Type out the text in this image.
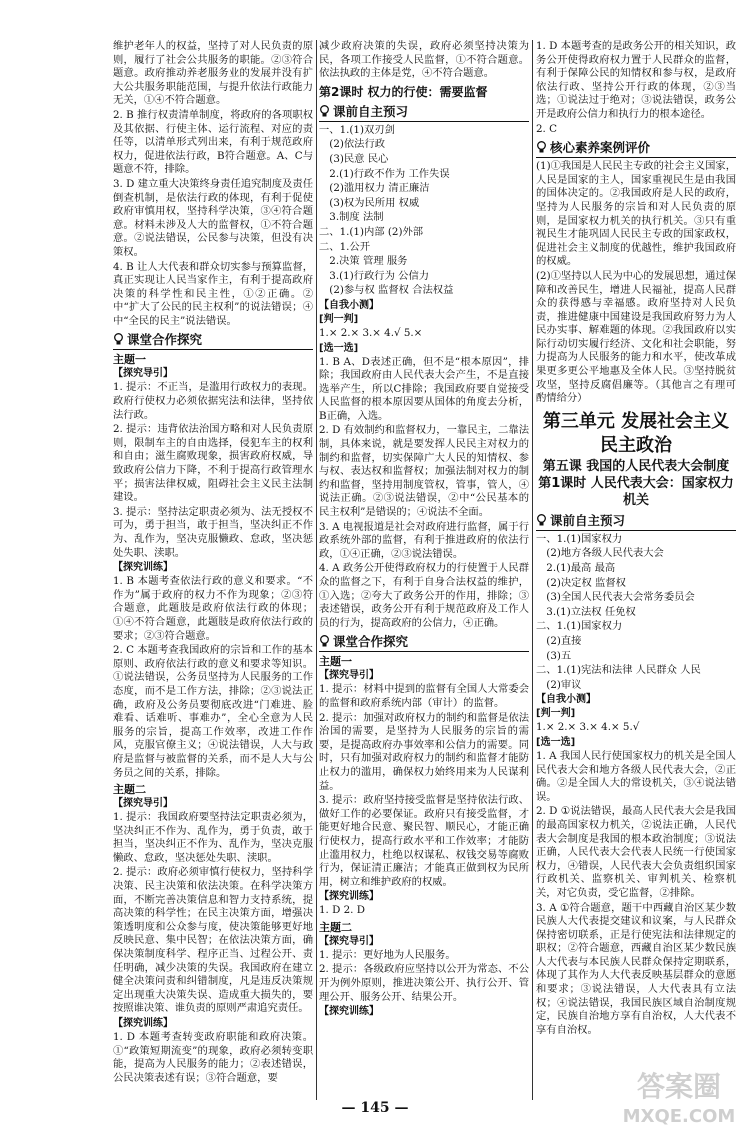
维护老年人的权益，坚持了对人民负责的原则，履行了社会公共服务的职能。②③符合题意。政府推动养老服务业的发展并没有扩大公共服务职能范围，与提升依法行政能力无关，①④不符合题意。

2. B 推行权责清单制度，将政府的各项职权及其依据、行使主体、运行流程、对应的责任等，以清单形式列出来，有利于规范政府权力，促进依法行政，B符合题意。A、C与题意不符，排除。

3. D 建立重大决策终身责任追究制度及责任倒查机制，是依法行政的体现，有利于促使政府审慎用权，坚持科学决策，③④符合题意。材料未涉及人大的监督权，①不符合题意。②说法错误，公民参与决策，但没有决策权。

4. B 让人大代表和群众切实参与预算监督，真正实现让人民当家作主，有利于提高政府决策的科学性和民主性，①②正确。②中“扩大了公民的民主权利”的说法错误；④中“全民的民主”说法错误。

课堂合作探究
主题一
【探究导引】

1. 提示：不正当，是滥用行政权力的表现。政府行使权力必须依据宪法和法律，坚持依法行政。

2. 提示：违背依法治国方略和对人民负责原则，限制车主的自由选择，侵犯车主的权利和自由；滋生腐败现象，损害政府权威，导致政府公信力下降，不利于提高行政管理水平；损害法律权威，阻碍社会主义民主法制建设。

3. 提示：坚持法定职责必须为、法无授权不可为，勇于担当，敢于担当，坚决纠正不作为、乱作为，坚决克服懒政、怠政，坚决惩处失职、渎职。

【探究训练】

1. B 本题考查依法行政的意义和要求。“不作为”属于政府的权力不作为现象；②③符合题意，此题肢是政府依法行政的体现；①④不符合题意，此题肢是政府依法行政的要求；②③符合题意。

2. C 本题考查我国政府的宗旨和工作的基本原则、政府依法行政的意义和要求等知识。①说法错误，公务员坚持为人民服务的工作态度，而不是工作方法，排除；②③说法正确，政府及公务员要彻底改进“门难进、脸难看、话难听、事难办”，全心全意为人民服务的宗旨，提高工作效率，改进工作作风，克服官僚主义；④说法错误，人大与政府是监督与被监督的关系，而不是人大与公务员之间的关系，排除。

主题二
【探究导引】

1. 提示：我国政府要坚持法定职责必须为，坚决纠正不作为、乱作为，勇于负责，敢于担当，坚决纠正不作为、乱作为，坚决克服懒政、怠政，坚决惩处失职、渎职。

2. 提示：政府必须审慎行使权力，坚持科学决策、民主决策和依法决策。在科学决策方面，不断完善决策信息和智力支持系统，提高决策的科学性；在民主决策方面，增强决策透明度和公众参与度，使决策能够更好地反映民意、集中民智；在依法决策方面，确保决策制度科学、程序正当、过程公开、责任明确，减少决策的失误。我国政府在建立健全决策问责和纠错制度，凡是违反决策规定出现重大决策失误、造成重大损失的，要按照谁决策、谁负责的原则严肃追究责任。

【探究训练】

1. D 本题考查转变政府职能和政府决策。①“政策短期流变”的现象，政府必须转变职能，提高为人民服务的能力；②表述错误，公民决策表述有误；③符合题意，要

减少政府决策的失误，政府必须坚持决策为民，各项工作接受人民监督，①不符合题意。依法执政的主体是党，④不符合题意。

第2课时 权力的行使：需要监督
课前自主预习

一、1.(1)双刃剑

(2)依法行政

(3)民意 民心

2.(1)行政不作为 工作失误

(2)滥用权力 清正廉洁

(3)权为民所用 权威

3.制度 法制

二、1.(1)内部 (2)外部

二、1.公开

2.决策 管理 服务

3.(1)行政行为 公信力

(2)参与权 监督权 合法权益

【自我小测】
[判一判]

1.× 2.× 3.× 4.√ 5.×

[选一选]

1. B A、D表述正确，但不是“根本原因”，排除；我国政府由人民代表大会产生，不是直接选举产生，所以C排除；我国政府要自觉接受人民监督的根本原因要从国体的角度去分析，B正确，入选。

2. D 有效制约和监督权力，一靠民主，二靠法制，具体来说，就是要发挥人民民主对权力的制约和监督，切实保障广大人民的知情权、参与权、表达权和监督权；加强法制对权力的制约和监督，坚持用制度管权，管事，管人，④说法正确。②③说法错误，②中“公民基本的民主权利”是错误的；④说法不全面。

3. A 电视报道是社会对政府进行监督，属于行政系统外部的监督，有利于推进政府的依法行政，①④正确，②③说法错误。

4. A 政务公开使得政府权力的行使置于人民群众的监督之下，有利于自身合法权益的维护，①入选；②夸大了政务公开的作用，排除；③表述错误，政务公开有利于规范政府及工作人员的行为，提高政府的公信力，④正确。

课堂合作探究
主题一
【探究导引】

1. 提示：材料中提到的监督有全国人大常委会的监督和政府系统内部（审计）的监督。

2. 提示：加强对政府权力的制约和监督是依法治国的需要，是坚持为人民服务的宗旨的需要，是提高政府办事效率和公信力的需要。同时，只有加强对政府权力的制约和监督才能防止权力的滥用，确保权力始终用来为人民谋利益。

3. 提示：政府坚持接受监督是坚持依法行政、做好工作的必要保证。政府只有接受监督，才能更好地合民意、聚民智、顺民心，才能正确行使权力，提高行政水平和工作效率；才能防止滥用权力，杜绝以权谋私、权钱交易等腐败行为，保证清正廉洁；才能真正做到权为民所用，树立和维护政府的权威。

【探究训练】

1. D 2. D

主题二
【探究导引】

1. 提示：更好地为人民服务。

2. 提示：各级政府应坚持以公开为常态、不公开为例外原则，推进决策公开、执行公开、管理公开、服务公开、结果公开。

【探究训练】

1. D 本题考查的是政务公开的相关知识，政务公开使得政府权力置于人民群众的监督，有利于保障公民的知情权和参与权，是政府依法行政、坚持公开行政的体现，②③当选；①说法过于绝对；③说法错误，政务公开是政府公信力和执行力的根本途径。

2. C

核心素养案例评价

(1)①我国是人民民主专政的社会主义国家，人民是国家的主人，国家重视民生是由我国的国体决定的。②我国政府是人民的政府，坚持为人民服务的宗旨和对人民负责的原则，是国家权力机关的执行机关。③只有重视民生才能巩固人民民主专政的国家政权，促进社会主义制度的优越性，维护我国政府的权威。

(2)①坚持以人民为中心的发展思想，通过保障和改善民生，增进人民福祉，提高人民群众的获得感与幸福感。政府坚持对人民负责，推进健康中国建设是我国政府努力为人民办实事、解难题的体现。②我国政府以实际行动切实履行经济、文化和社会职能，努力提高为人民服务的能力和水平，使改革成果更多更公平地惠及全体人民。③坚持脱贫攻坚，坚持反腐倡廉等。（其他言之有理可酌情给分）

第三单元 发展社会主义民主政治
第五课 我国的人民代表大会制度
第1课时 人民代表大会：国家权力机关
课前自主预习

一、1.(1)国家权力

(2)地方各级人民代表大会

2.(1)最高 最高

(2)决定权 监督权

(3)全国人民代表大会常务委员会

3.(1)立法权 任免权

二、1.(1)国家权力

(2)直接

(3)五

二、1.(1)宪法和法律 人民群众 人民

(2)审议

【自我小测】
[判一判]

1.× 2.× 3.× 4.× 5.√

[选一选]

1. A 我国人民行使国家权力的机关是全国人民代表大会和地方各级人民代表大会，②正确。②是全国人大的常设机关，③④说法错误。

2. D ①说法错误，最高人民代表大会是我国的最高国家权力机关，②说法正确，人民代表大会制度是我国的根本政治制度；③说法正确，人民代表大会代表人民统一行使国家权力，④错误，人民代表大会负责组织国家行政机关、监察机关、审判机关、检察机关，对它负责，受它监督，②排除。

3. A ①符合题意，题干中西藏自治区某少数民族人大代表提交建议和议案，与人民群众保持密切联系，正是行使宪法和法律规定的职权；②符合题意，西藏自治区某少数民族人大代表与本民族人民群众保持定期联系，体现了其作为人大代表反映基层群众的意愿和要求；③说法错误，人大代表具有立法权；④说法错误，我国民族区域自治制度规定，民族自治地方享有自治权，人大代表不享有自治权。

— 145 —
答案圈
MXQE.COM
